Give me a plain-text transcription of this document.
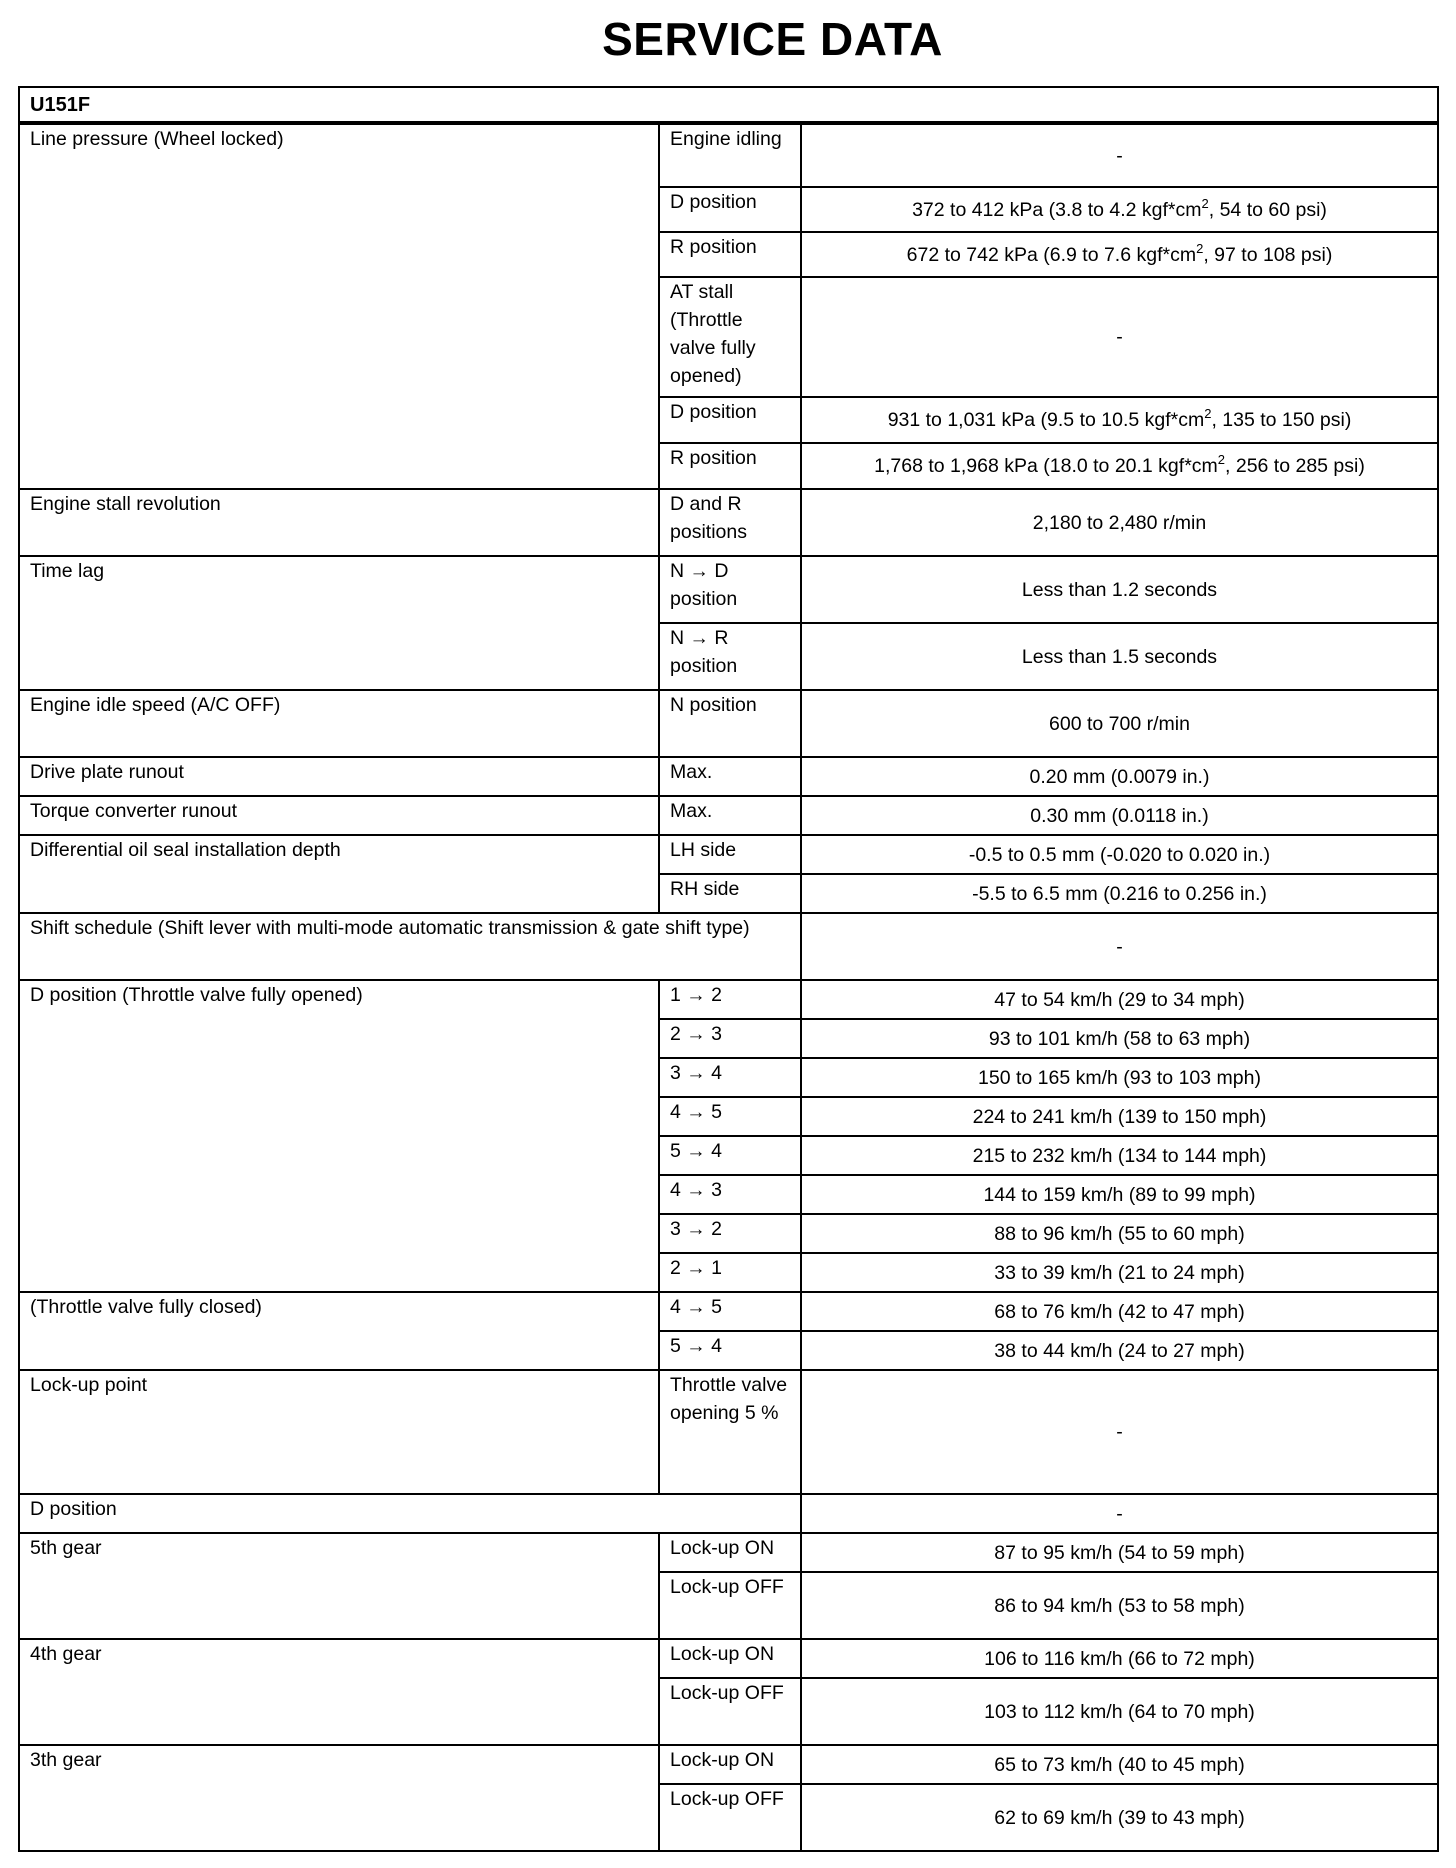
SERVICE DATA
U151F		
Line pressure (Wheel locked)	Engine idling	-
	D position	372 to 412 kPa (3.8 to 4.2 $kgf*cm^2$, 54 to 60 psi)
	R position	672 to 742 kPa (6.9 to 7.6 $kgf*cm^2$, 97 to 108 psi)
	AT stall (Throttle valve fully opened)	-
	D position	931 to 1,031 kPa (9.5 to 10.5 $kgf*cm^2$, 135 to 150 psi)
	R position	1,768 to 1,968 kPa (18.0 to 20.1 $kgf*cm^2$, 256 to 285 psi)
Engine stall revolution	D and R positions	2,180 to 2,480 r/min
Time lag	N → D position	Less than 1.2 seconds
	N → R position	Less than 1.5 seconds
Engine idle speed (A/C OFF)	N position	600 to 700 r/min
Drive plate runout	Max.	0.20 mm (0.0079 in.)
Torque converter runout	Max.	0.30 mm (0.0118 in.)
Differential oil seal installation depth	LH side	-0.5 to 0.5 mm (-0.020 to 0.020 in.)
	RH side	-5.5 to 6.5 mm (0.216 to 0.256 in.)
Shift schedule (Shift lever with multi-mode automatic transmission & gate shift type)		-
D position (Throttle valve fully opened)	1 → 2	47 to 54 km/h (29 to 34 mph)
	2 → 3	93 to 101 km/h (58 to 63 mph)
	3 → 4	150 to 165 km/h (93 to 103 mph)
	4 → 5	224 to 241 km/h (139 to 150 mph)
	5 → 4	215 to 232 km/h (134 to 144 mph)
	4 → 3	144 to 159 km/h (89 to 99 mph)
	3 → 2	88 to 96 km/h (55 to 60 mph)
	2 → 1	33 to 39 km/h (21 to 24 mph)
(Throttle valve fully closed)	4 → 5	68 to 76 km/h (42 to 47 mph)
	5 → 4	38 to 44 km/h (24 to 27 mph)
Lock-up point	Throttle valve opening 5 %	-
D position		-
5th gear	Lock-up ON	87 to 95 km/h (54 to 59 mph)
	Lock-up OFF	86 to 94 km/h (53 to 58 mph)
4th gear	Lock-up ON	106 to 116 km/h (66 to 72 mph)
	Lock-up OFF	103 to 112 km/h (64 to 70 mph)
3th gear	Lock-up ON	65 to 73 km/h (40 to 45 mph)
	Lock-up OFF	62 to 69 km/h (39 to 43 mph)
